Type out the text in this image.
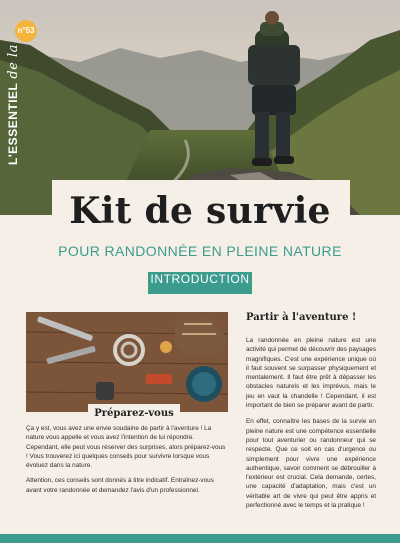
n°53
L'ESSENTIELde la
Kit de survie
POUR RANDONNÉE EN PLEINE NATURE
INTRODUCTION
Préparez-vous

Ça y est, vous avez une envie soudaine de partir à l'aventure ! La nature vous appelle et vous avez l'intention de lui répondre. Cependant, elle peut vous réserver des surprises, alors préparez-vous ! Vous trouverez ici quelques conseils pour survivre lorsque vous évoluez dans la nature.

Attention, ces conseils sont donnés à titre indicatif. Entraînez-vous avant votre randonnée et demandez l'avis d'un professionnel.

Partir à l'aventure !

La randonnée en pleine nature est une activité qui permet de découvrir des paysages magnifiques. C'est une expérience unique où il faut souvent se surpasser physiquement et mentalement. Il faut être prêt à dépasser les obstacles naturels et les imprévus, mais le jeu en vaut la chandelle ! Cependant, il est important de bien se préparer avant de partir.

En effet, connaître les bases de la survie en pleine nature est une compétence essentielle pour tout aventurier ou randonneur qui se respecte. Que ce soit en cas d'urgence ou simplement pour vivre une expérience authentique, savoir comment se débrouiller à l'extérieur est crucial. Cela demande, certes, une capacité d'adaptation, mais c'est un véritable art de vivre qui peut être appris et perfectionné avec le temps et la pratique !
